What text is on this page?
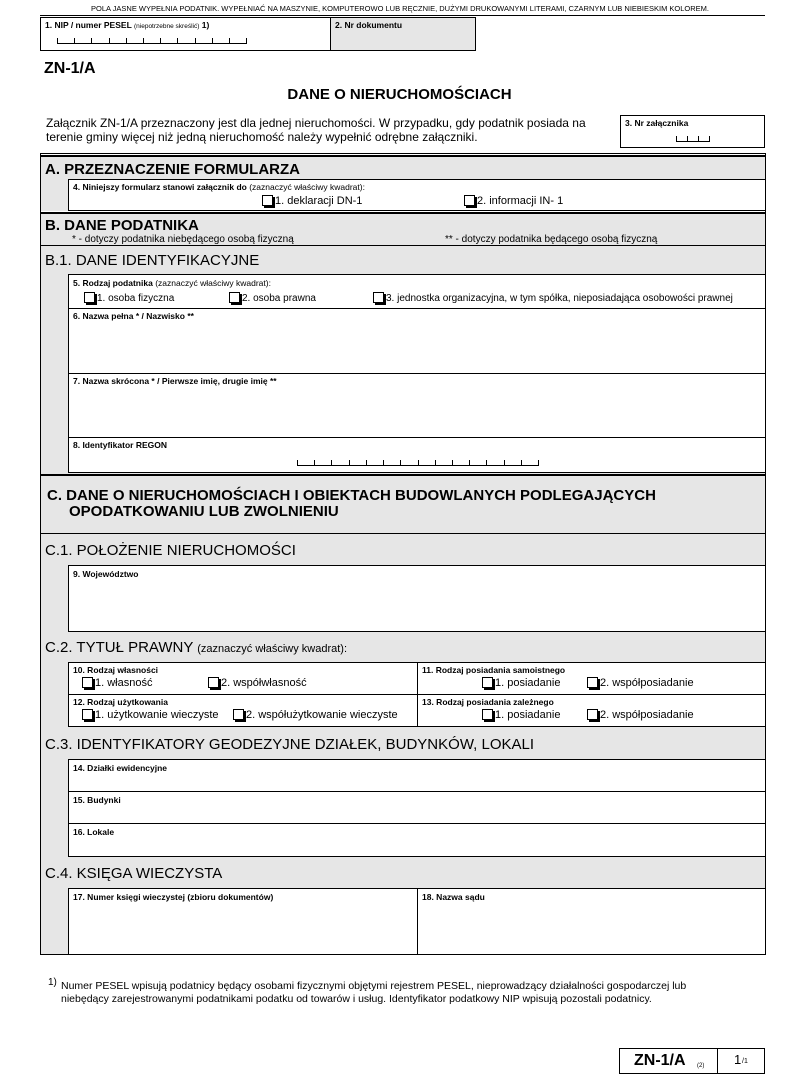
POLA JASNE WYPEŁNIA PODATNIK. WYPEŁNIAĆ NA MASZYNIE, KOMPUTEROWO LUB RĘCZNIE, DUŻYMI DRUKOWANYMI LITERAMI, CZARNYM LUB NIEBIESKIM KOLOREM.
1. NIP / numer PESEL (niepotrzebne skreślić) 1)	2. Nr dokumentu
ZN-1/A
DANE O NIERUCHOMOŚCIACH
Załącznik ZN-1/A przeznaczony jest dla jednej nieruchomości. W przypadku, gdy podatnik posiada na
terenie gminy więcej niż jedną nieruchomość należy wypełnić odrębne załączniki.
3. Nr załącznika
A. PRZEZNACZENIE FORMULARZA
4. Niniejszy formularz stanowi załącznik do (zaznaczyć właściwy kwadrat):
1. deklaracji DN-1	2. informacji IN- 1
B. DANE PODATNIKA
* - dotyczy podatnika niebędącego osobą fizyczną	** - dotyczy podatnika będącego osobą fizyczną
B.1. DANE IDENTYFIKACYJNE
5. Rodzaj podatnika (zaznaczyć właściwy kwadrat):
1. osoba fizyczna	2. osoba prawna	3. jednostka organizacyjna, w tym spółka, nieposiadająca osobowości prawnej
6. Nazwa pełna * / Nazwisko **
7. Nazwa skrócona * / Pierwsze imię, drugie imię **
8. Identyfikator REGON
C. DANE O NIERUCHOMOŚCIACH I OBIEKTACH BUDOWLANYCH PODLEGAJĄCYCH
OPODATKOWANIU LUB ZWOLNIENIU
C.1. POŁOŻENIE NIERUCHOMOŚCI
9. Województwo
C.2. TYTUŁ PRAWNY (zaznaczyć właściwy kwadrat):
10. Rodzaj własności
1. własność	2. współwłasność
11. Rodzaj posiadania samoistnego
1. posiadanie	2. współposiadanie
12. Rodzaj użytkowania
1. użytkowanie wieczyste	2. współużytkowanie wieczyste
13. Rodzaj posiadania zależnego
1. posiadanie	2. współposiadanie
C.3. IDENTYFIKATORY GEODEZYJNE DZIAŁEK, BUDYNKÓW, LOKALI
14. Działki ewidencyjne
15. Budynki
16. Lokale
C.4. KSIĘGA WIECZYSTA
17. Numer księgi wieczystej (zbioru dokumentów)	18. Nazwa sądu
1) Numer PESEL wpisują podatnicy będący osobami fizycznymi objętymi rejestrem PESEL, nieprowadzący działalności gospodarczej lub
niebędący zarejestrowanymi podatnikami podatku od towarów i usług. Identyfikator podatkowy NIP wpisują pozostali podatnicy.
ZN-1/A (2) 1 /1
